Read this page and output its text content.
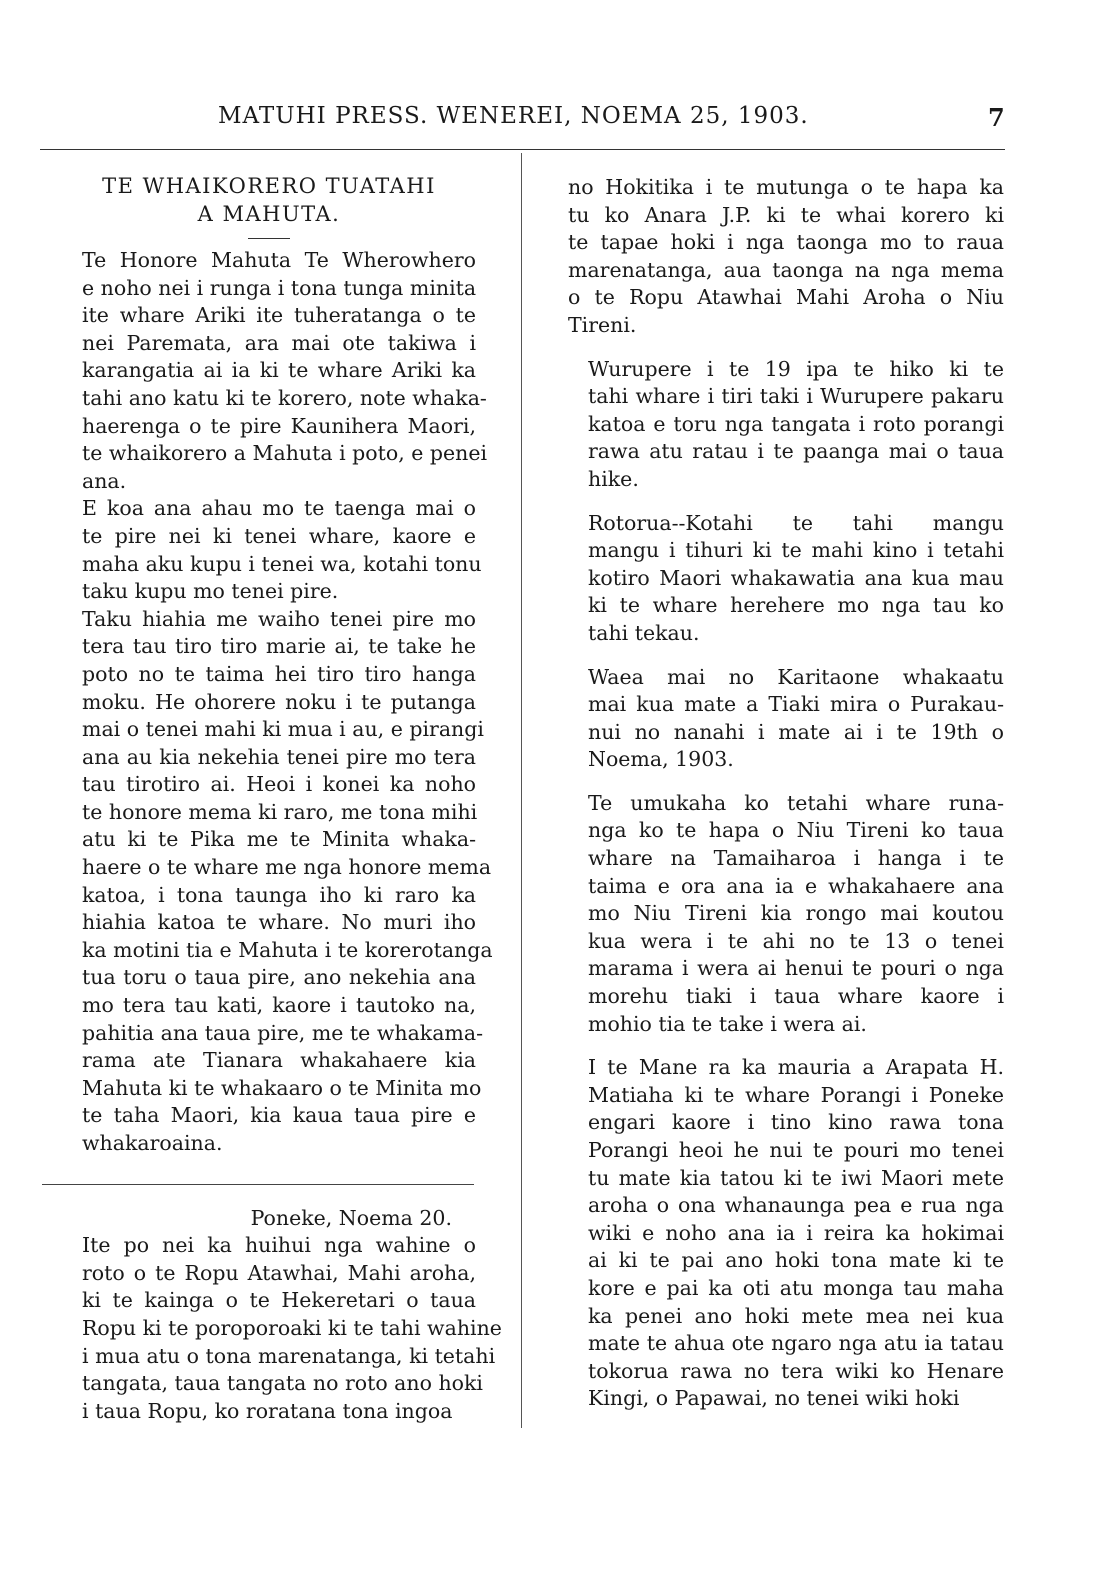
MATUHI PRESS. WENEREI, NOEMA 25, 1903.	7
TE WHAIKORERO TUATAHI
A MAHUTA.

Te Honore Mahuta Te Wherowhero
e noho nei i runga i tona tunga minita
ite whare Ariki ite tuheratanga o te
nei Paremata, ara mai ote takiwa i
karangatia ai ia ki te whare Ariki ka
tahi ano katu ki te korero, note whaka-
haerenga o te pire Kaunihera Maori,
te whaikorero a Mahuta i poto, e penei
ana.

E koa ana ahau mo te taenga mai o
te pire nei ki tenei whare, kaore e
maha aku kupu i tenei wa, kotahi tonu
taku kupu mo tenei pire.

Taku hiahia me waiho tenei pire mo
tera tau tiro tiro marie ai, te take he
poto no te taima hei tiro tiro hanga
moku. He ohorere noku i te putanga
mai o tenei mahi ki mua i au, e pirangi
ana au kia nekehia tenei pire mo tera
tau tirotiro ai. Heoi i konei ka noho
te honore mema ki raro, me tona mihi
atu ki te Pika me te Minita whaka-
haere o te whare me nga honore mema
katoa, i tona taunga iho ki raro ka
hiahia katoa te whare. No muri iho
ka motini tia e Mahuta i te korerotanga
tua toru o taua pire, ano nekehia ana
mo tera tau kati, kaore i tautoko na,
pahitia ana taua pire, me te whakama-
rama ate Tianara whakahaere kia
Mahuta ki te whakaaro o te Minita mo
te taha Maori, kia kaua taua pire e
whakaroaina.

Poneke, Noema 20.

Ite po nei ka huihui nga wahine o
roto o te Ropu Atawhai, Mahi aroha,
ki te kainga o te Hekeretari o taua
Ropu ki te poroporoaki ki te tahi wahine
i mua atu o tona marenatanga, ki tetahi
tangata, taua tangata no roto ano hoki
i taua Ropu, ko roratana tona ingoa

no Hokitika i te mutunga o te hapa ka
tu ko Anara J.P. ki te whai korero ki
te tapae hoki i nga taonga mo to raua
marenatanga, aua taonga na nga mema
o te Ropu Atawhai Mahi Aroha o Niu
Tireni.

Wurupere i te 19 ipa te hiko ki te
tahi whare i tiri taki i Wurupere pakaru
katoa e toru nga tangata i roto porangi
rawa atu ratau i te paanga mai o taua
hike.

Rotorua--Kotahi te tahi mangu
mangu i tihuri ki te mahi kino i tetahi
kotiro Maori whakawatia ana kua mau
ki te whare herehere mo nga tau ko
tahi tekau.

Waea mai no Karitaone whakaatu
mai kua mate a Tiaki mira o Purakau-
nui no nanahi i mate ai i te 19th o
Noema, 1903.

Te umukaha ko tetahi whare runa-
nga ko te hapa o Niu Tireni ko taua
whare na Tamaiharoa i hanga i te
taima e ora ana ia e whakahaere ana
mo Niu Tireni kia rongo mai koutou
kua wera i te ahi no te 13 o tenei
marama i wera ai henui te pouri o nga
morehu tiaki i taua whare kaore i
mohio tia te take i wera ai.

I te Mane ra ka mauria a Arapata H.
Matiaha ki te whare Porangi i Poneke
engari kaore i tino kino rawa tona
Porangi heoi he nui te pouri mo tenei
tu mate kia tatou ki te iwi Maori mete
aroha o ona whanaunga pea e rua nga
wiki e noho ana ia i reira ka hokimai
ai ki te pai ano hoki tona mate ki te
kore e pai ka oti atu monga tau maha
ka penei ano hoki mete mea nei kua
mate te ahua ote ngaro nga atu ia tatau
tokorua rawa no tera wiki ko Henare
Kingi, o Papawai, no tenei wiki hoki
